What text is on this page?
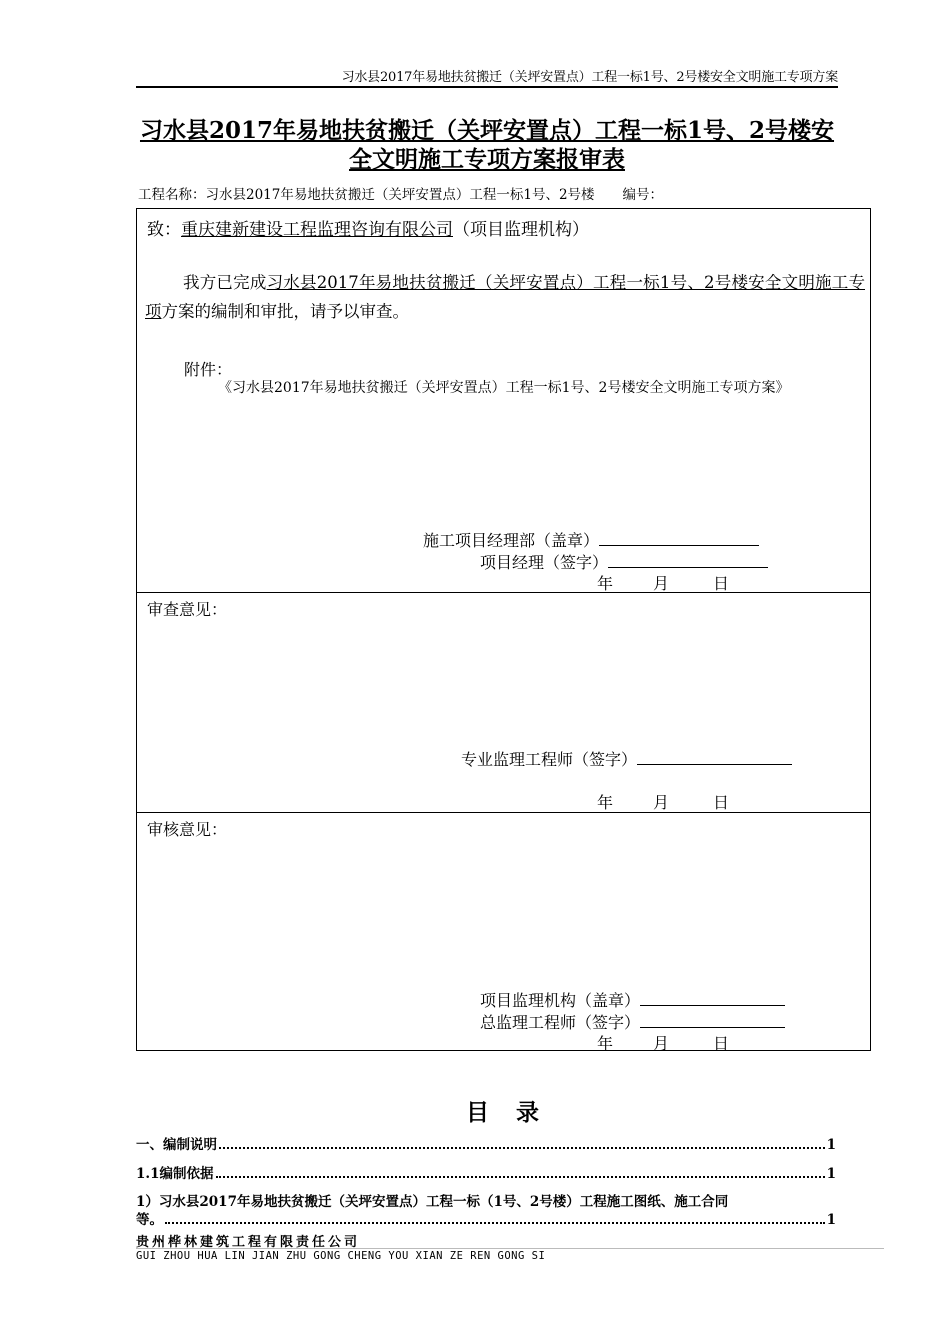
习水县2017年易地扶贫搬迁（关坪安置点）工程一标1号、2号楼安全文明施工专项方案
习水县2017年易地扶贫搬迁（关坪安置点）工程一标1号、2号楼安全文明施工专项方案报审表
工程名称：习水县2017年易地扶贫搬迁（关坪安置点）工程一标1号、2号楼 编号：
致：重庆建新建设工程监理咨询有限公司（项目监理机构）
我方已完成习水县2017年易地扶贫搬迁（关坪安置点）工程一标1号、2号楼安全文明施工专项方案的编制和审批，请予以审查。
附件：
《习水县2017年易地扶贫搬迁（关坪安置点）工程一标1号、2号楼安全文明施工专项方案》
施工项目经理部（盖章）
项目经理（签字）
年 月	日
审查意见：
专业监理工程师（签字）
年 月	日
审核意见：
项目监理机构（盖章）
总监理工程师（签字）
年 月	日
目　录
一、编制说明	1
1.1编制依据	1
1）习水县2017年易地扶贫搬迁（关坪安置点）工程一标（1号、2号楼）工程施工图纸、施工合同
等。	1
贵州桦林建筑工程有限责任公司
GUI ZHOU HUA LIN JIAN ZHU GONG CHENG YOU XIAN ZE REN GONG SI
